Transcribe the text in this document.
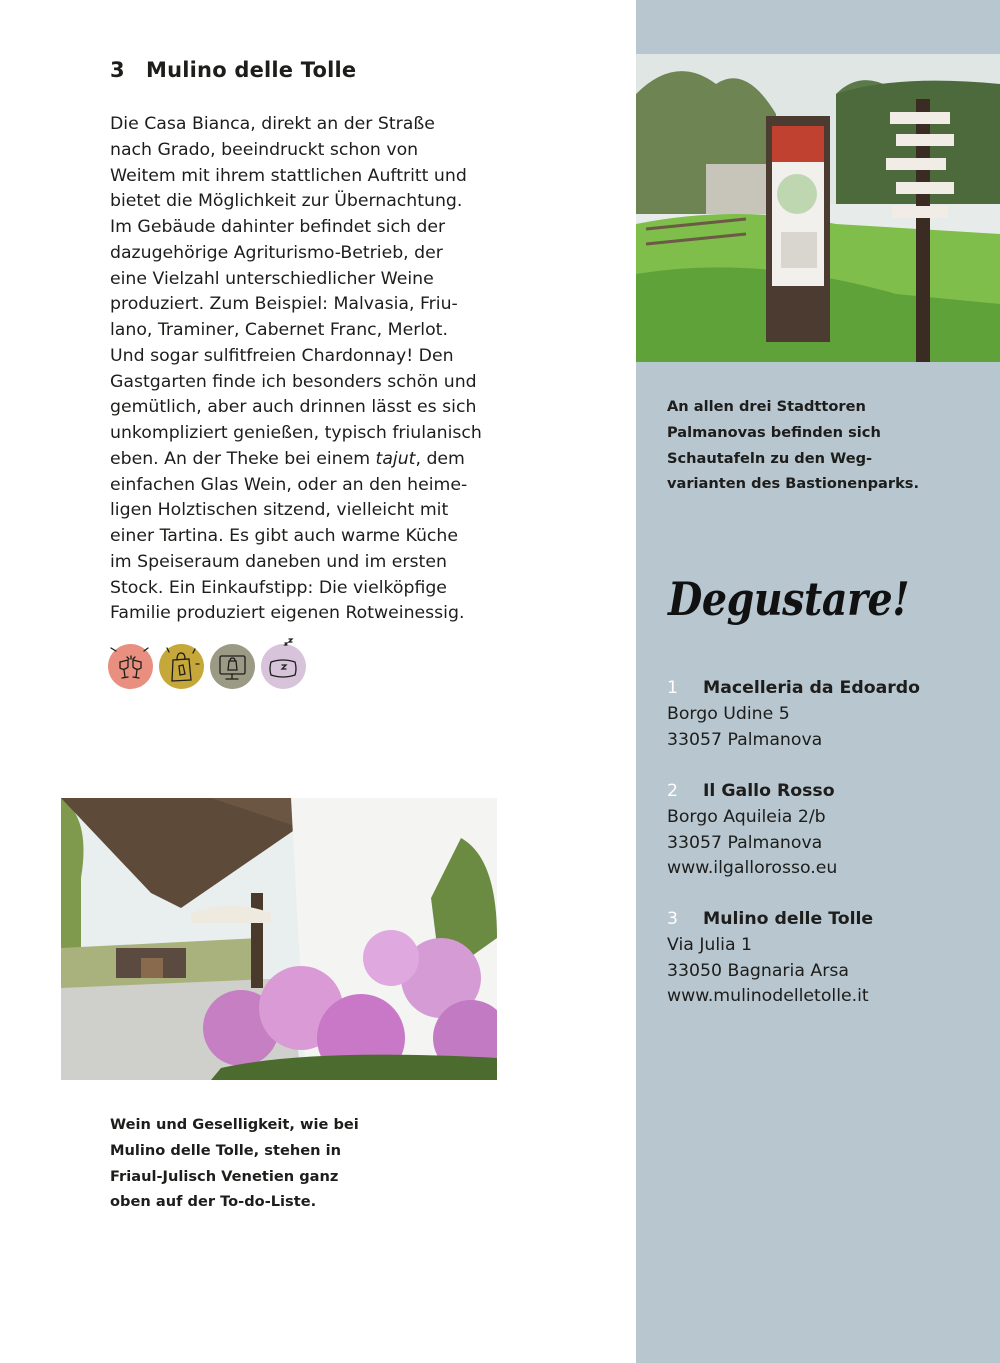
3 Mulino delle Tolle

Die Casa Bianca, direkt an der Straße
nach Grado, beeindruckt schon von
Weitem mit ihrem stattlichen Auftritt und
bietet die Möglichkeit zur Übernachtung.
Im Gebäude dahinter befindet sich der
dazugehörige Agriturismo-Betrieb, der
eine Vielzahl unterschiedlicher Weine
produziert. Zum Beispiel: Malvasia, Friu-
lano, Traminer, Cabernet Franc, Merlot.
Und sogar sulfitfreien Chardonnay! Den
Gastgarten finde ich besonders schön und
gemütlich, aber auch drinnen lässt es sich
unkompliziert genießen, typisch friulanisch
eben. An der Theke bei einem tajut, dem
einfachen Glas Wein, oder an den heime-
ligen Holztischen sitzend, vielleicht mit
einer Tartina. Es gibt auch warme Küche
im Speiseraum daneben und im ersten
Stock. Ein Einkaufstipp: Die vielköpfige
Familie produziert eigenen Rotweinessig.

An allen drei Stadttoren
Palmanovas befinden sich
Schautafeln zu den Weg-
varianten des Bastionenparks.
Degustare!
1 Macelleria da Edoardo
Borgo Udine 5
33057 Palmanova
2 Il Gallo Rosso
Borgo Aquileia 2/b
33057 Palmanova
www.ilgallorosso.eu
3 Mulino delle Tolle
Via Julia 1
33050 Bagnaria Arsa
www.mulinodelletolle.it
Wein und Geselligkeit, wie bei
Mulino delle Tolle, stehen in
Friaul-Julisch Venetien ganz
oben auf der To-do-Liste.
